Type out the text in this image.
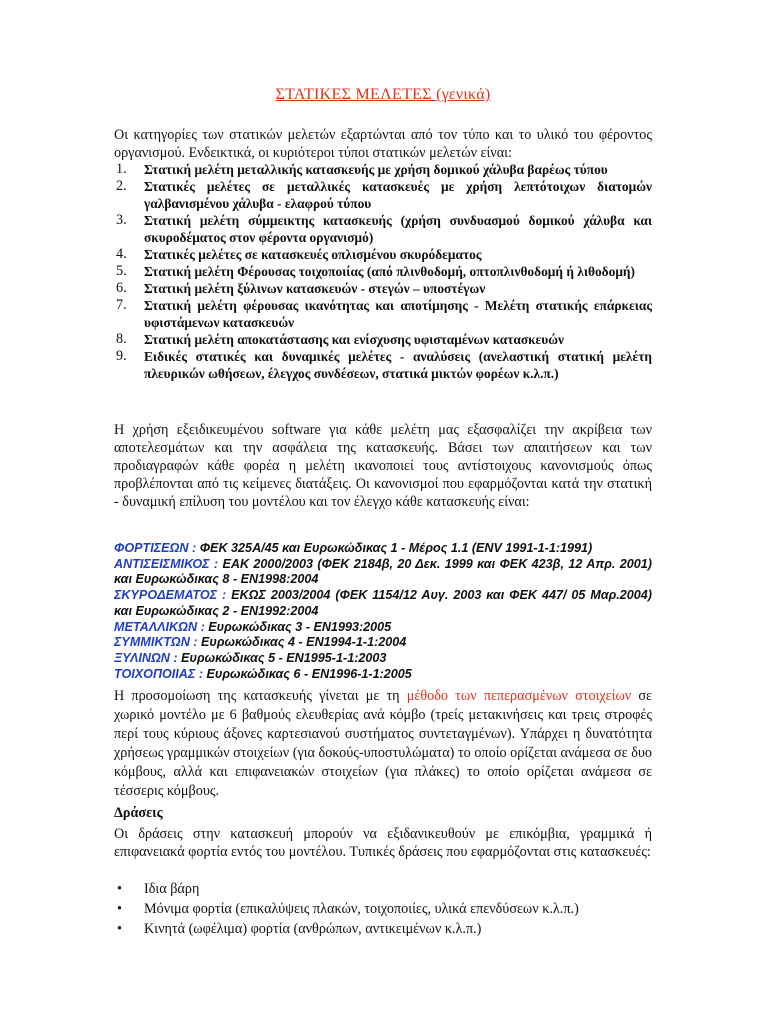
ΣΤΑΤΙΚΕΣ ΜΕΛΕΤΕΣ (γενικά)
Οι κατηγορίες των στατικών μελετών εξαρτώνται από τον τύπο και το υλικό του φέροντος οργανισμού. Ενδεικτικά, οι κυριότεροι τύποι στατικών μελετών είναι:
1. Στατική μελέτη μεταλλικής κατασκευής με χρήση δομικού χάλυβα βαρέως τύπου
2. Στατικές μελέτες σε μεταλλικές κατασκευές με χρήση λεπτότοιχων διατομών γαλβανισμένου χάλυβα - ελαφρού τύπου
3. Στατική μελέτη σύμμεικτης κατασκευής (χρήση συνδυασμού δομικού χάλυβα και σκυροδέματος στον φέροντα οργανισμό)
4. Στατικές μελέτες σε κατασκευές οπλισμένου σκυρόδεματος
5. Στατική μελέτη Φέρουσας τοιχοποιίας (από πλινθοδομή, οπτοπλινθοδομή ή λιθοδομή)
6. Στατική μελέτη ξύλινων κατασκευών - στεγών – υποστέγων
7. Στατική μελέτη φέρουσας ικανότητας και αποτίμησης - Μελέτη στατικής επάρκειας υφιστάμενων κατασκευών
8. Στατική μελέτη αποκατάστασης και ενίσχυσης υφισταμένων κατασκευών
9. Ειδικές στατικές και δυναμικές μελέτες - αναλύσεις (ανελαστική στατική μελέτη πλευρικών ωθήσεων, έλεγχος συνδέσεων, στατικά μικτών φορέων κ.λ.π.)
Η χρήση εξειδικευμένου software για κάθε μελέτη μας εξασφαλίζει την ακρίβεια των αποτελεσμάτων και την ασφάλεια της κατασκευής. Βάσει των απαιτήσεων και των προδιαγραφών κάθε φορέα η μελέτη ικανοποιεί τους αντίστοιχους κανονισμούς όπως προβλέπονται από τις κείμενες διατάξεις. Οι κανονισμοί που εφαρμόζονται κατά την στατική - δυναμική επίλυση του μοντέλου και τον έλεγχο κάθε κατασκευής είναι:
ΦΟΡΤΙΣΕΩΝ : ΦΕΚ 325Α/45 και Ευρωκώδικας 1 - Μέρος 1.1 (ENV 1991-1-1:1991)
ΑΝΤΙΣΕΙΣΜΙΚΟΣ : ΕΑΚ 2000/2003 (ΦΕΚ 2184β, 20 Δεκ. 1999 και ΦΕΚ 423β, 12 Απρ. 2001) και Ευρωκώδικας 8 - EN1998:2004
ΣΚΥΡΟΔΕΜΑΤΟΣ : ΕΚΩΣ 2003/2004 (ΦΕΚ 1154/12 Αυγ. 2003 και ΦΕΚ 447/ 05 Μαρ.2004) και Ευρωκώδικας 2 - EN1992:2004
ΜΕΤΑΛΛΙΚΩΝ : Ευρωκώδικας 3 - EN1993:2005
ΣΥΜΜΙΚΤΩΝ : Ευρωκώδικας 4 - EN1994-1-1:2004
ΞΥΛΙΝΩΝ : Ευρωκώδικας 5 - EN1995-1-1:2003
ΤΟΙΧΟΠΟΙΙΑΣ : Ευρωκώδικας 6 - EN1996-1-1:2005
Η προσομοίωση της κατασκευής γίνεται με τη μέθοδο των πεπερασμένων στοιχείων σε χωρικό μοντέλο με 6 βαθμούς ελευθερίας ανά κόμβο (τρείς μετακινήσεις και τρεις στροφές περί τους κύριους άξονες καρτεσιανού συστήματος συντεταγμένων). Υπάρχει η δυνατότητα χρήσεως γραμμικών στοιχείων (για δοκούς-υποστυλώματα) το οποίο ορίζεται ανάμεσα σε δυο κόμβους, αλλά και επιφανειακών στοιχείων (για πλάκες) το οποίο ορίζεται ανάμεσα σε τέσσερις κόμβους.
Δράσεις
Οι δράσεις στην κατασκευή μπορούν να εξιδανικευθούν με επικόμβια, γραμμικά ή επιφανειακά φορτία εντός του μοντέλου. Τυπικές δράσεις που εφαρμόζονται στις κατασκευές:
• Ιδια βάρη
• Μόνιμα φορτία (επικαλύψεις πλακών, τοιχοποιίες, υλικά επενδύσεων κ.λ.π.)
• Κινητά (ωφέλιμα) φορτία (ανθρώπων, αντικειμένων κ.λ.π.)
